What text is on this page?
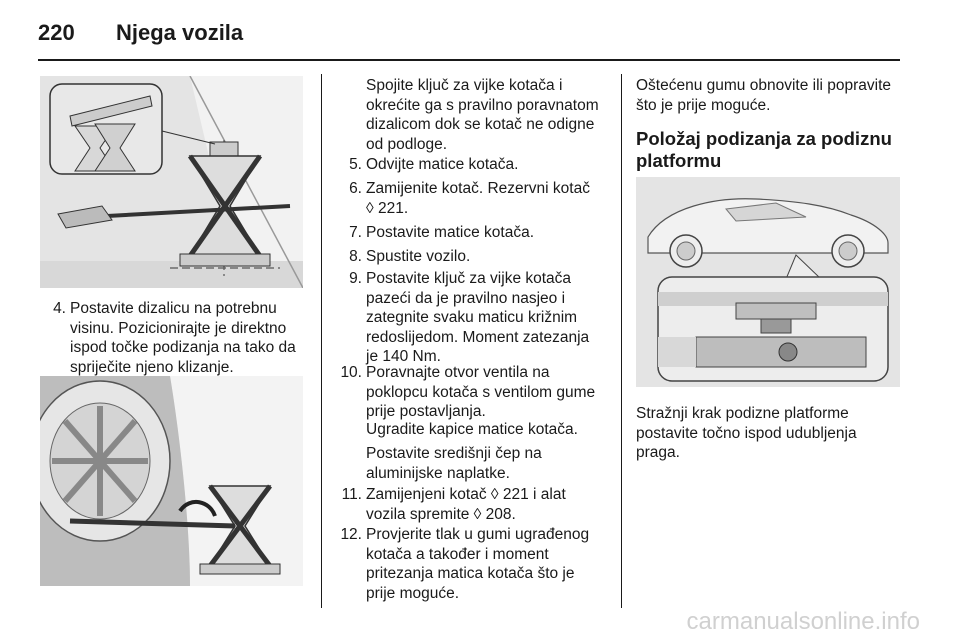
220 Njega vozila
4. Postavite dizalicu na potrebnu visinu. Pozicionirajte je direktno ispod točke podizanja na tako da spriječite njeno klizanje.
Spojite ključ za vijke kotača i okrećite ga s pravilno poravnatom dizalicom dok se kotač ne odigne od podloge.
5. Odvijte matice kotača.
6. Zamijenite kotač. Rezervni kotač ◊ 221.
7. Postavite matice kotača.
8. Spustite vozilo.
9. Postavite ključ za vijke kotača pazeći da je pravilno nasjeo i zategnite svaku maticu križnim redoslijedom. Moment zatezanja je 140 Nm.
10. Poravnajte otvor ventila na poklopcu kotača s ventilom gume prije postavljanja.
Ugradite kapice matice kotača.
Postavite središnji čep na aluminijske naplatke.
11. Zamijenjeni kotač ◊ 221 i alat vozila spremite ◊ 208.
12. Provjerite tlak u gumi ugrađenog kotača a također i moment pritezanja matica kotača što je prije moguće.
Oštećenu gumu obnovite ili popravite što je prije moguće.
Položaj podizanja za podiznu platformu
Stražnji krak podizne platforme postavite točno ispod udubljenja praga.
carmanualsonline.info
